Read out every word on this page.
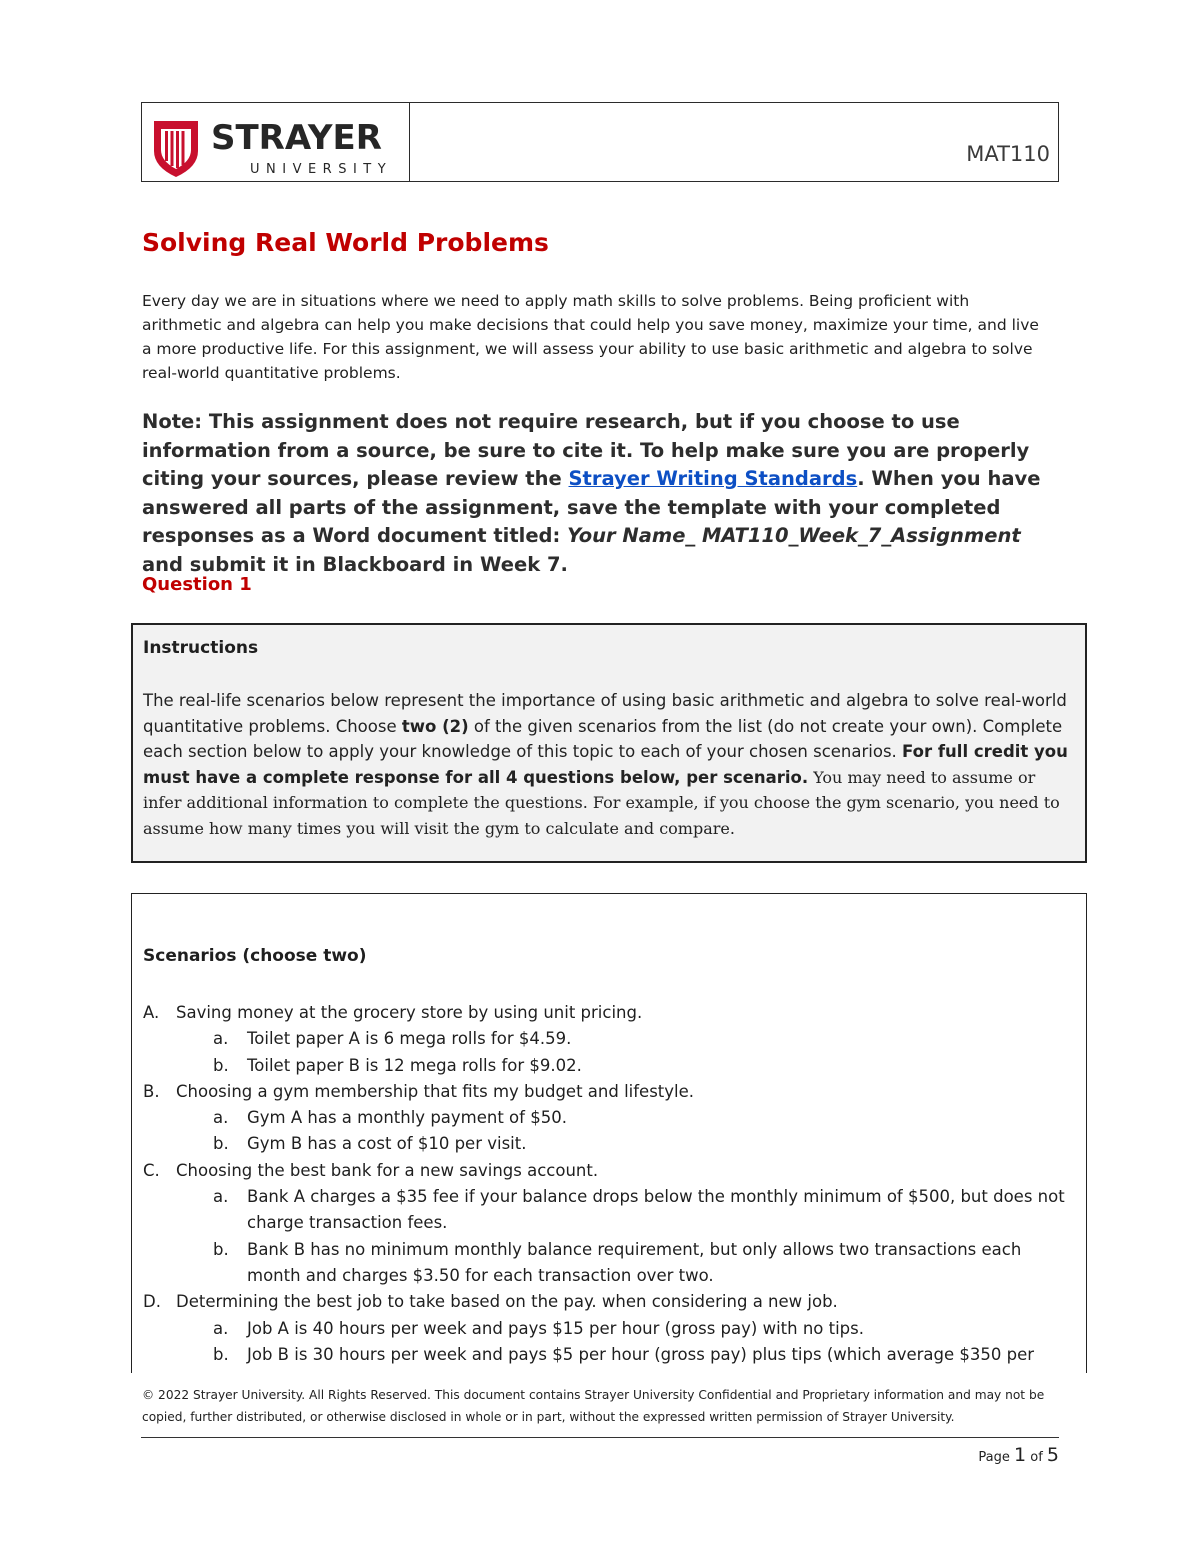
STRAYER
UNIVERSITY
MAT110
Solving Real World Problems
Every day we are in situations where we need to apply math skills to solve problems. Being proficient with arithmetic and algebra can help you make decisions that could help you save money, maximize your time, and live a more productive life. For this assignment, we will assess your ability to use basic arithmetic and algebra to solve real-world quantitative problems.
Note: This assignment does not require research, but if you choose to use information from a source, be sure to cite it. To help make sure you are properly citing your sources, please review the Strayer Writing Standards. When you have answered all parts of the assignment, save the template with your completed responses as a Word document titled: Your Name_ MAT110_Week_7_Assignment and submit it in Blackboard in Week 7.
Question 1
Instructions
The real-life scenarios below represent the importance of using basic arithmetic and algebra to solve real-world quantitative problems. Choose two (2) of the given scenarios from the list (do not create your own). Complete each section below to apply your knowledge of this topic to each of your chosen scenarios. For full credit you must have a complete response for all 4 questions below, per scenario. You may need to assume or infer additional information to complete the questions. For example, if you choose the gym scenario, you need to assume how many times you will visit the gym to calculate and compare.
Scenarios (choose two)
A.	Saving money at the grocery store by using unit pricing.
a.	Toilet paper A is 6 mega rolls for $4.59.
b.	Toilet paper B is 12 mega rolls for $9.02.
B. Choosing a gym membership that fits my budget and lifestyle.
a.	Gym A has a monthly payment of $50.
b.	Gym B has a cost of $10 per visit.
C. Choosing the best bank for a new savings account.
a.	Bank A charges a $35 fee if your balance drops below the monthly minimum of $500, but does not charge transaction fees.
b.	Bank B has no minimum monthly balance requirement, but only allows two transactions each month and charges $3.50 for each transaction over two.
D. Determining the best job to take based on the pay. when considering a new job.
a.	Job A is 40 hours per week and pays $15 per hour (gross pay) with no tips.
b.	Job B is 30 hours per week and pays $5 per hour (gross pay) plus tips (which average $350 per
© 2022 Strayer University. All Rights Reserved. This document contains Strayer University Confidential and Proprietary information and may not be copied, further distributed, or otherwise disclosed in whole or in part, without the expressed written permission of Strayer University.
Page 1 of 5
